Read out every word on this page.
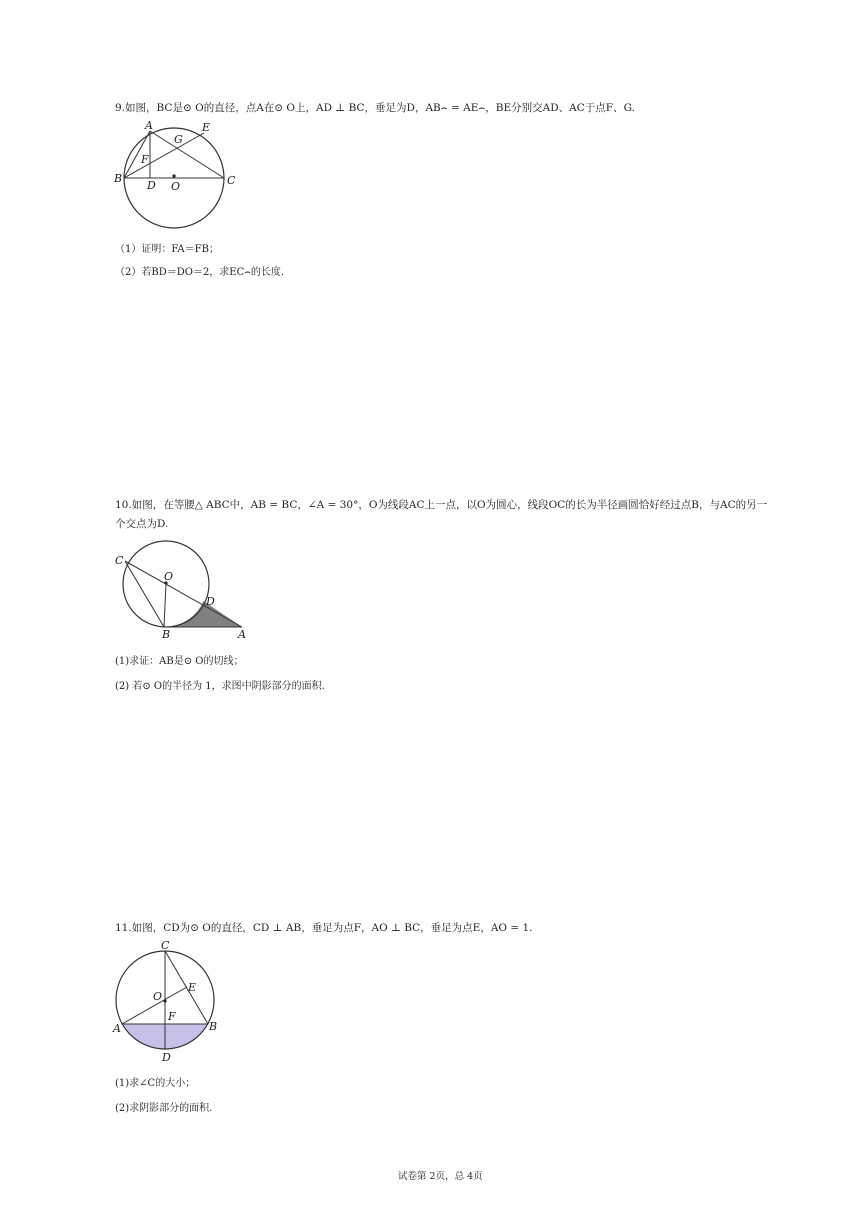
9.如图，BC是⊙ O的直径，点A在⊙ O上，AD ⊥ BC，垂足为D，AB⌢ = AE⌢，BE分别交AD、AC于点F、G.
A	E
G
F
B
D O	C
（1）证明：FA＝FB；
（2）若BD＝DO＝2，求EC⌢的长度.
10.如图，在等腰△ ABC中，AB = BC，∠A = 30°，O为线段AC上一点，以O为圆心，线段OC的长为半径画圆恰好经过点B，与AC的另一个交点为D.
C
O
D
B	A
(1)求证：AB是⊙ O的切线；
(2) 若⊙ O的半径为 1，求图中阴影部分的面积.
11.如图，CD为⊙ O的直径，CD ⊥ AB，垂足为点F，AO ⊥ BC，垂足为点E，AO = 1.
C
O
E
F
A	B
D
(1)求∠C的大小；
(2)求阴影部分的面积.
试卷第 2页，总 4页
